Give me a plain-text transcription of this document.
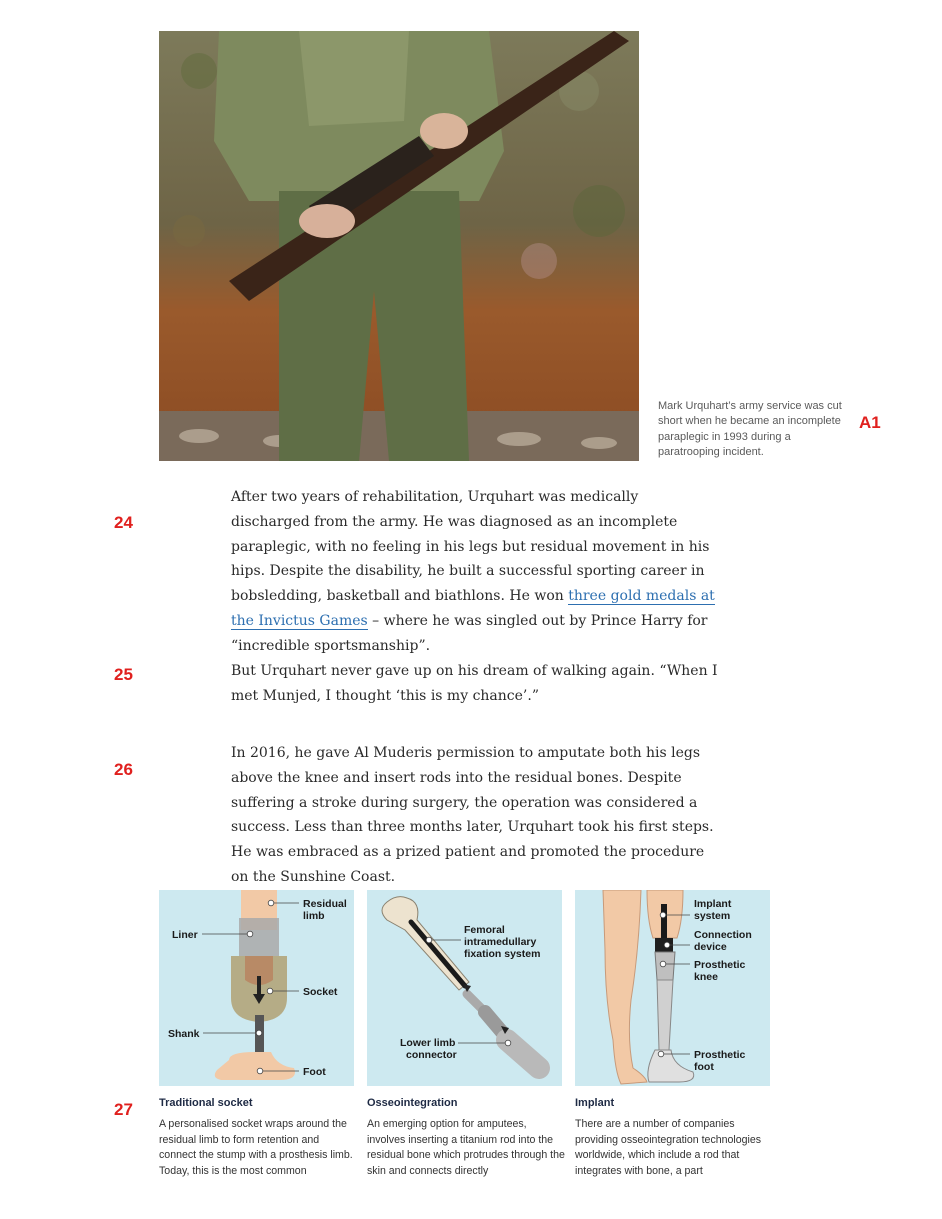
Mark Urquhart’s army service was cut short when he became an incomplete paraplegic in 1993 during a paratrooping incident.
A1
24
After two years of rehabilitation, Urquhart was medically discharged from the army. He was diagnosed as an incomplete paraplegic, with no feeling in his legs but residual movement in his hips. Despite the disability, he built a successful sporting career in bobsledding, basketball and biathlons. He won three gold medals at the Invictus Games – where he was singled out by Prince Harry for “incredible sportsmanship”.
25	But Urquhart never gave up on his dream of walking again. “When I met Munjed, I thought ‘this is my chance’.”
26
In 2016, he gave Al Muderis permission to amputate both his legs above the knee and insert rods into the residual bones. Despite suffering a stroke during surgery, the operation was considered a success. Less than three months later, Urquhart took his first steps. He was embraced as a prized patient and promoted the procedure on the Sunshine Coast.
Residual
limb
Liner
Socket
Shank
Foot
Femoral
intramedullary
fixation system
Lower limb
connector
Implant
system
Connection
device
Prosthetic
knee
Prosthetic
foot
27 Traditional socket
A personalised socket wraps around the residual limb to form retention and connect the stump with a prosthesis limb. Today, this is the most common
Osseointegration
An emerging option for amputees, involves inserting a titanium rod into the residual bone which protrudes through the skin and connects directly
Implant
There are a number of companies providing osseointegration technologies worldwide, which include a rod that integrates with bone, a part
